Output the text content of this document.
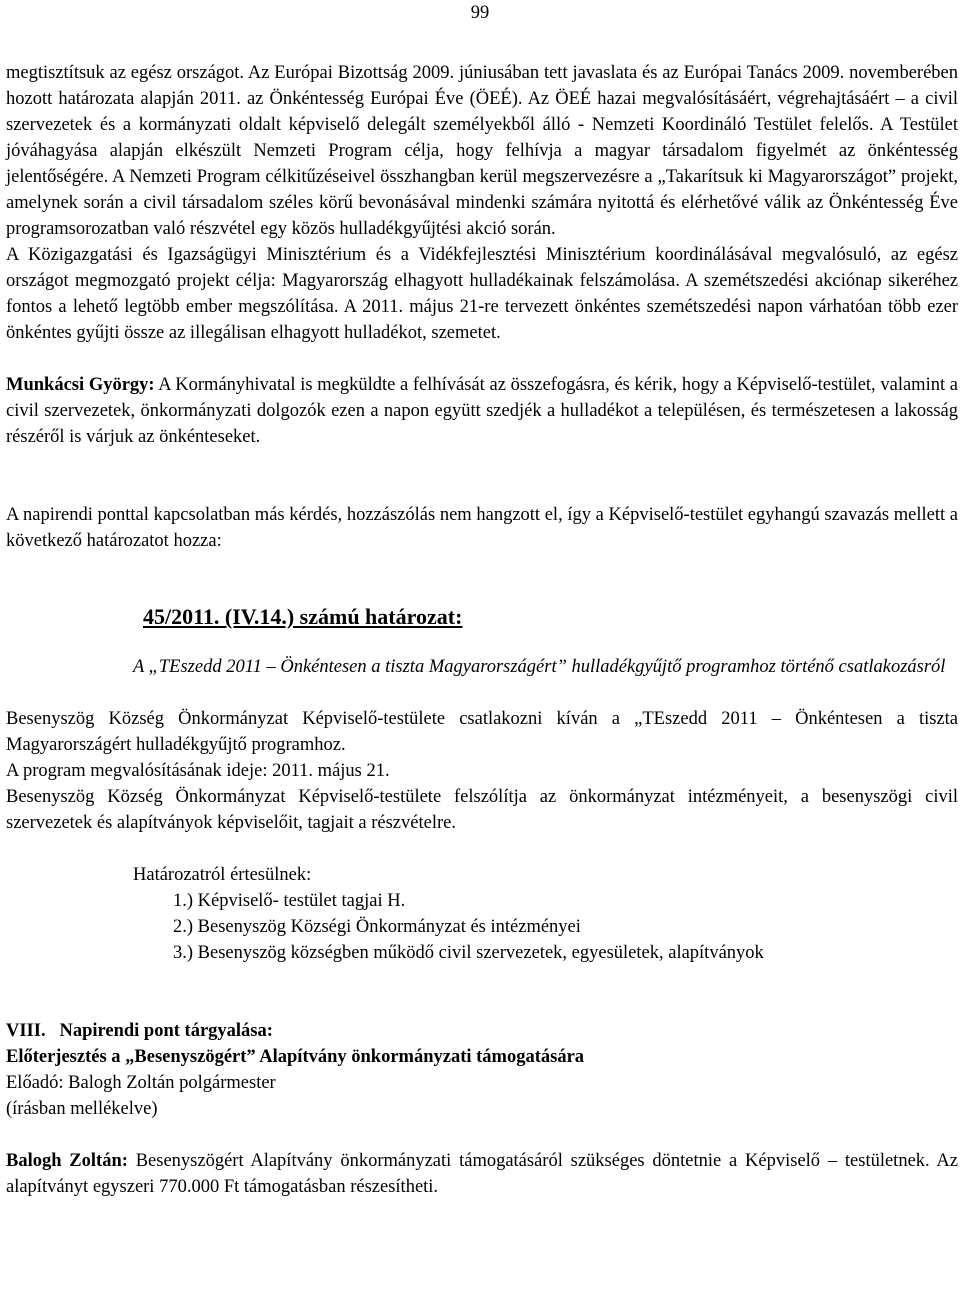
99

megtisztítsuk az egész országot. Az Európai Bizottság 2009. júniusában tett javaslata és az Európai Tanács 2009. novemberében hozott határozata alapján 2011. az Önkéntesség Európai Éve (ÖEÉ). Az ÖEÉ hazai megvalósításáért, végrehajtásáért – a civil szervezetek és a kormányzati oldalt képviselő delegált személyekből álló - Nemzeti Koordináló Testület felelős. A Testület jóváhagyása alapján elkészült Nemzeti Program célja, hogy felhívja a magyar társadalom figyelmét az önkéntesség jelentőségére. A Nemzeti Program célkitűzéseivel összhangban kerül megszervezésre a „Takarítsuk ki Magyarországot” projekt, amelynek során a civil társadalom széles körű bevonásával mindenki számára nyitottá és elérhetővé válik az Önkéntesség Éve programsorozatban való részvétel egy közös hulladékgyűjtési akció során.

A Közigazgatási és Igazságügyi Minisztérium és a Vidékfejlesztési Minisztérium koordinálásával megvalósuló, az egész országot megmozgató projekt célja: Magyarország elhagyott hulladékainak felszámolása. A szemétszedési akciónap sikeréhez fontos a lehető legtöbb ember megszólítása. A 2011. május 21-re tervezett önkéntes szemétszedési napon várhatóan több ezer önkéntes gyűjti össze az illegálisan elhagyott hulladékot, szemetet.

Munkácsi György: A Kormányhivatal is megküldte a felhívását az összefogásra, és kérik, hogy a Képviselő-testület, valamint a civil szervezetek, önkormányzati dolgozók ezen a napon együtt szedjék a hulladékot a településen, és természetesen a lakosság részéről is várjuk az önkénteseket.

A napirendi ponttal kapcsolatban más kérdés, hozzászólás nem hangzott el, így a Képviselő-testület egyhangú szavazás mellett a következő határozatot hozza:

45/2011. (IV.14.) számú határozat:

A „TEszedd 2011 – Önkéntesen a tiszta Magyarországért” hulladékgyűjtő programhoz történő csatlakozásról

Besenyszög Község Önkormányzat Képviselő-testülete csatlakozni kíván a „TEszedd 2011 – Önkéntesen a tiszta Magyarországért hulladékgyűjtő programhoz.

A program megvalósításának ideje: 2011. május 21.

Besenyszög Község Önkormányzat Képviselő-testülete felszólítja az önkormányzat intézményeit, a besenyszögi civil szervezetek és alapítványok képviselőit, tagjait a részvételre.

Határozatról értesülnek:
1.) Képviselő- testület tagjai H.
2.) Besenyszög Községi Önkormányzat és intézményei
3.) Besenyszög községben működő civil szervezetek, egyesületek, alapítványok
VIII.   Napirendi pont tárgyalása:
Előterjesztés a „Besenyszögért” Alapítvány önkormányzati támogatására
Előadó: Balogh Zoltán polgármester
(írásban mellékelve)

Balogh Zoltán: Besenyszögért Alapítvány önkormányzati támogatásáról szükséges döntetnie a Képviselő – testületnek. Az alapítványt egyszeri 770.000 Ft támogatásban részesítheti.
